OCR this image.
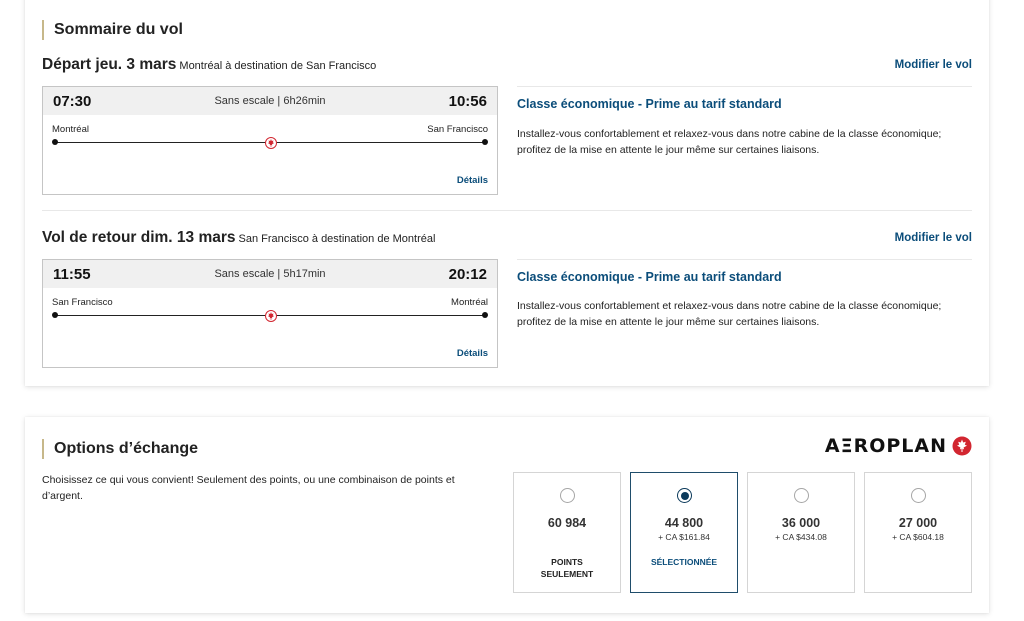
Sommaire du vol
Départ jeu. 3 mars Montréal à destination de San Francisco	Modifier le vol
07:30	Sans escale | 6h26min	10:56
Montréal	San Francisco
Détails
Classe économique - Prime au tarif standard
Installez-vous confortablement et relaxez-vous dans notre cabine de la classe économique; profitez de la mise en attente le jour même sur certaines liaisons.
Vol de retour dim. 13 mars San Francisco à destination de Montréal	Modifier le vol
11:55	Sans escale | 5h17min	20:12
San Francisco	Montréal
Détails
Classe économique - Prime au tarif standard
Installez-vous confortablement et relaxez-vous dans notre cabine de la classe économique; profitez de la mise en attente le jour même sur certaines liaisons.
Options d’échange	AΞROPLAN
Choisissez ce qui vous convient! Seulement des points, ou une combinaison de points et d’argent.
60 984
POINTS SEULEMENT
44 800
+ CA $161.84
SÉLECTIONNÉE
36 000
+ CA $434.08
27 000
+ CA $604.18
